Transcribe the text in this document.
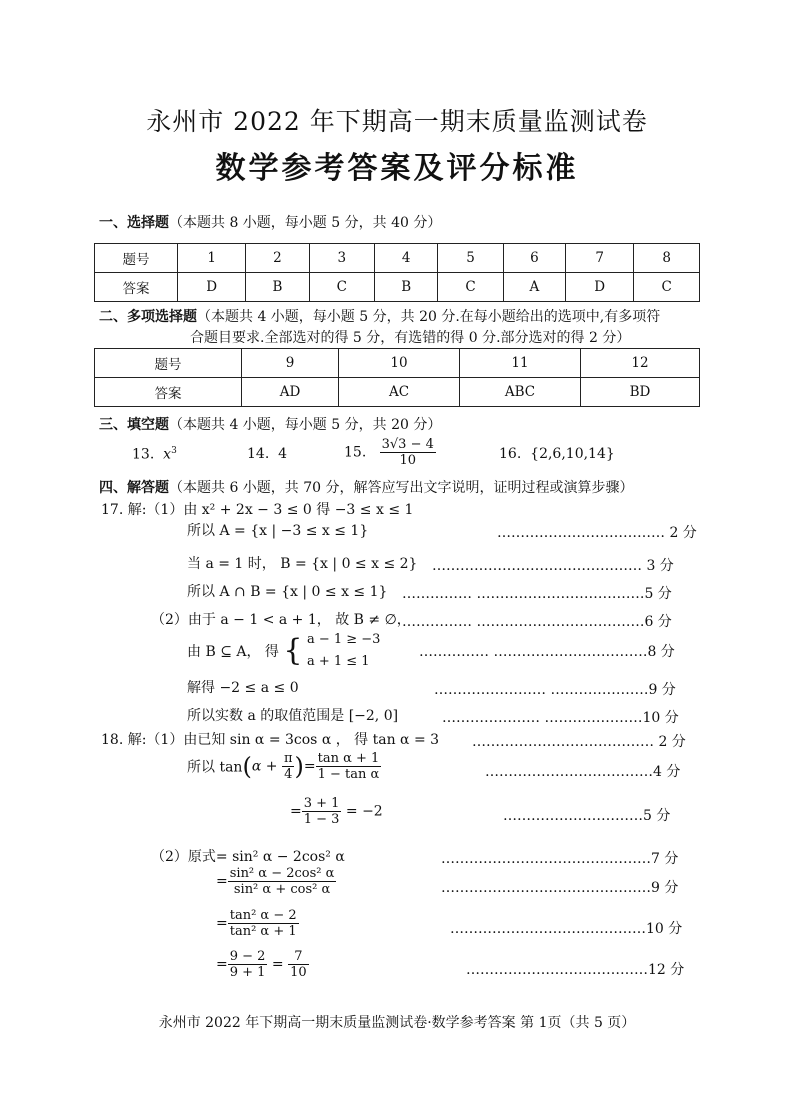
永州市 2022 年下期高一期末质量监测试卷
数学参考答案及评分标准
一、选择题（本题共 8 小题，每小题 5 分，共 40 分）
题号	1	2	3	4	5	6	7	8
答案	D	B	C	B	C	A	D	C
二、多项选择题（本题共 4 小题，每小题 5 分，共 20 分.在每小题给出的选项中,有多项符
合题目要求.全部选对的得 5 分，有选错的得 0 分.部分选对的得 2 分）
题号	9	10	11	12
答案	AD	AC	ABC	BD
三、填空题（本题共 4 小题，每小题 5 分，共 20 分）
13. $x^3$	14. 4	15. $\frac{3√3 - 4}{10}$	16. {2,6,10,14}
四、解答题（本题共 6 小题，共 70 分，解答应写出文字说明，证明过程或演算步骤）
17. 解:（1）由 x² + 2x − 3 ≤ 0 得 −3 ≤ x ≤ 1
所以 A = {x | −3 ≤ x ≤ 1}	……………………………… 2 分
当 a = 1 时， B = {x | 0 ≤ x ≤ 2} ……………………………………… 3 分
所以 A ∩ B = {x | 0 ≤ x ≤ 1} …………… ………………………………5 分
（2）由于 a − 1 < a + 1， 故 B ≠ ∅，
…………… ………………………………6 分
由 B ⊆ A， 得 { a − 1 ≥ −3
a + 1 ≤ 1
…………… ……………………………8 分
解得 −2 ≤ a ≤ 0	…………………… …………………9 分
所以实数 a 的取值范围是 [−2, 0]	………………… …………………10 分
18. 解:（1）由已知 sin α = 3cos α ， 得 tan α = 3 ………………………………… 2 分
所以 $\tan(\alpha + \frac{\pi}{4}$ )= $\frac{\text{tan α + 1}}{\text{1 − tan α}}$	………………………………4 分
= $\frac{3 + 1}{1 - 3} = -2$	…………………………5 分
（2）原式= sin² α − 2cos² α	………………………………………7 分
= $\frac{\text{sin² α − 2cos² α}}{\text{sin² α + cos² α}}$	………………………………………9 分
= $\frac{\text{tan² α − 2}}{\text{tan² α + 1}}$	……………………………………10 分
= $\frac{9 - 2}{9 + 1} = \frac{7}{10}$	…………………………………12 分
永州市 2022 年下期高一期末质量监测试卷·数学参考答案 第 1页（共 5 页）
